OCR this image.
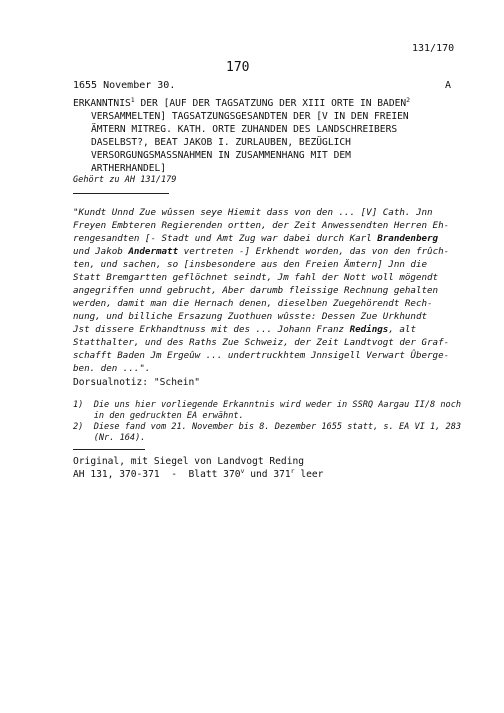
131/170
170
1655 November 30.	A
ERKANNTNIS$^1$ DER [AUF DER TAGSATZUNG DER XIII ORTE IN BADEN$^2$
VERSAMMELTEN] TAGSATZUNGSGESANDTEN DER [V IN DEN FREIEN
ÄMTERN MITREG. KATH. ORTE ZUHANDEN DES LANDSCHREIBERS
DASELBST?, BEAT JAKOB I. ZURLAUBEN, BEZÜGLICH
VERSORGUNGSMASSNAHMEN IN ZUSAMMENHANG MIT DEM
ARTHERHANDEL]
Gehört zu AH 131/179
"Kundt Unnd Zue wûssen seye Hiemit dass von den ... [V] Cath. Jnn
Freyen Embteren Regierenden ortten, der Zeit Anwessendten Herren Eh-
rengesandten [- Stadt und Amt Zug war dabei durch Karl Brandenberg
und Jakob Andermatt vertreten -] Erkhendt worden, das von den frûch-
ten, und sachen, so [insbesondere aus den Freien Ämtern] Jnn die
Statt Bremgartten geflöchnet seindt, Jm fahl der Nott woll mögendt
angegriffen unnd gebrucht, Aber darumb fleissige Rechnung gehalten
werden, damit man die Hernach denen, dieselben Zuegehörendt Rech-
nung, und billiche Ersazung Zuothuen wûsste: Dessen Zue Urkhundt
Jst dissere Erkhandtnuss mit des ... Johann Franz Redings, alt
Statthalter, und des Raths Zue Schweiz, der Zeit Landtvogt der Graf-
schafft Baden Jm Ergeûw ... undertruckhtem Jnnsigell Verwart Ûberge-
ben. den ...".
Dorsualnotiz: "Schein"
1)  Die uns hier vorliegende Erkanntnis wird weder in SSRQ Aargau II/8 noch
in den gedruckten EA erwähnt.
2)  Diese fand vom 21. November bis 8. Dezember 1655 statt, s. EA VI 1, 283
(Nr. 164).
Original, mit Siegel von Landvogt Reding
AH 131, 370-371  -  Blatt 370$^v$ und 371$^r$ leer
